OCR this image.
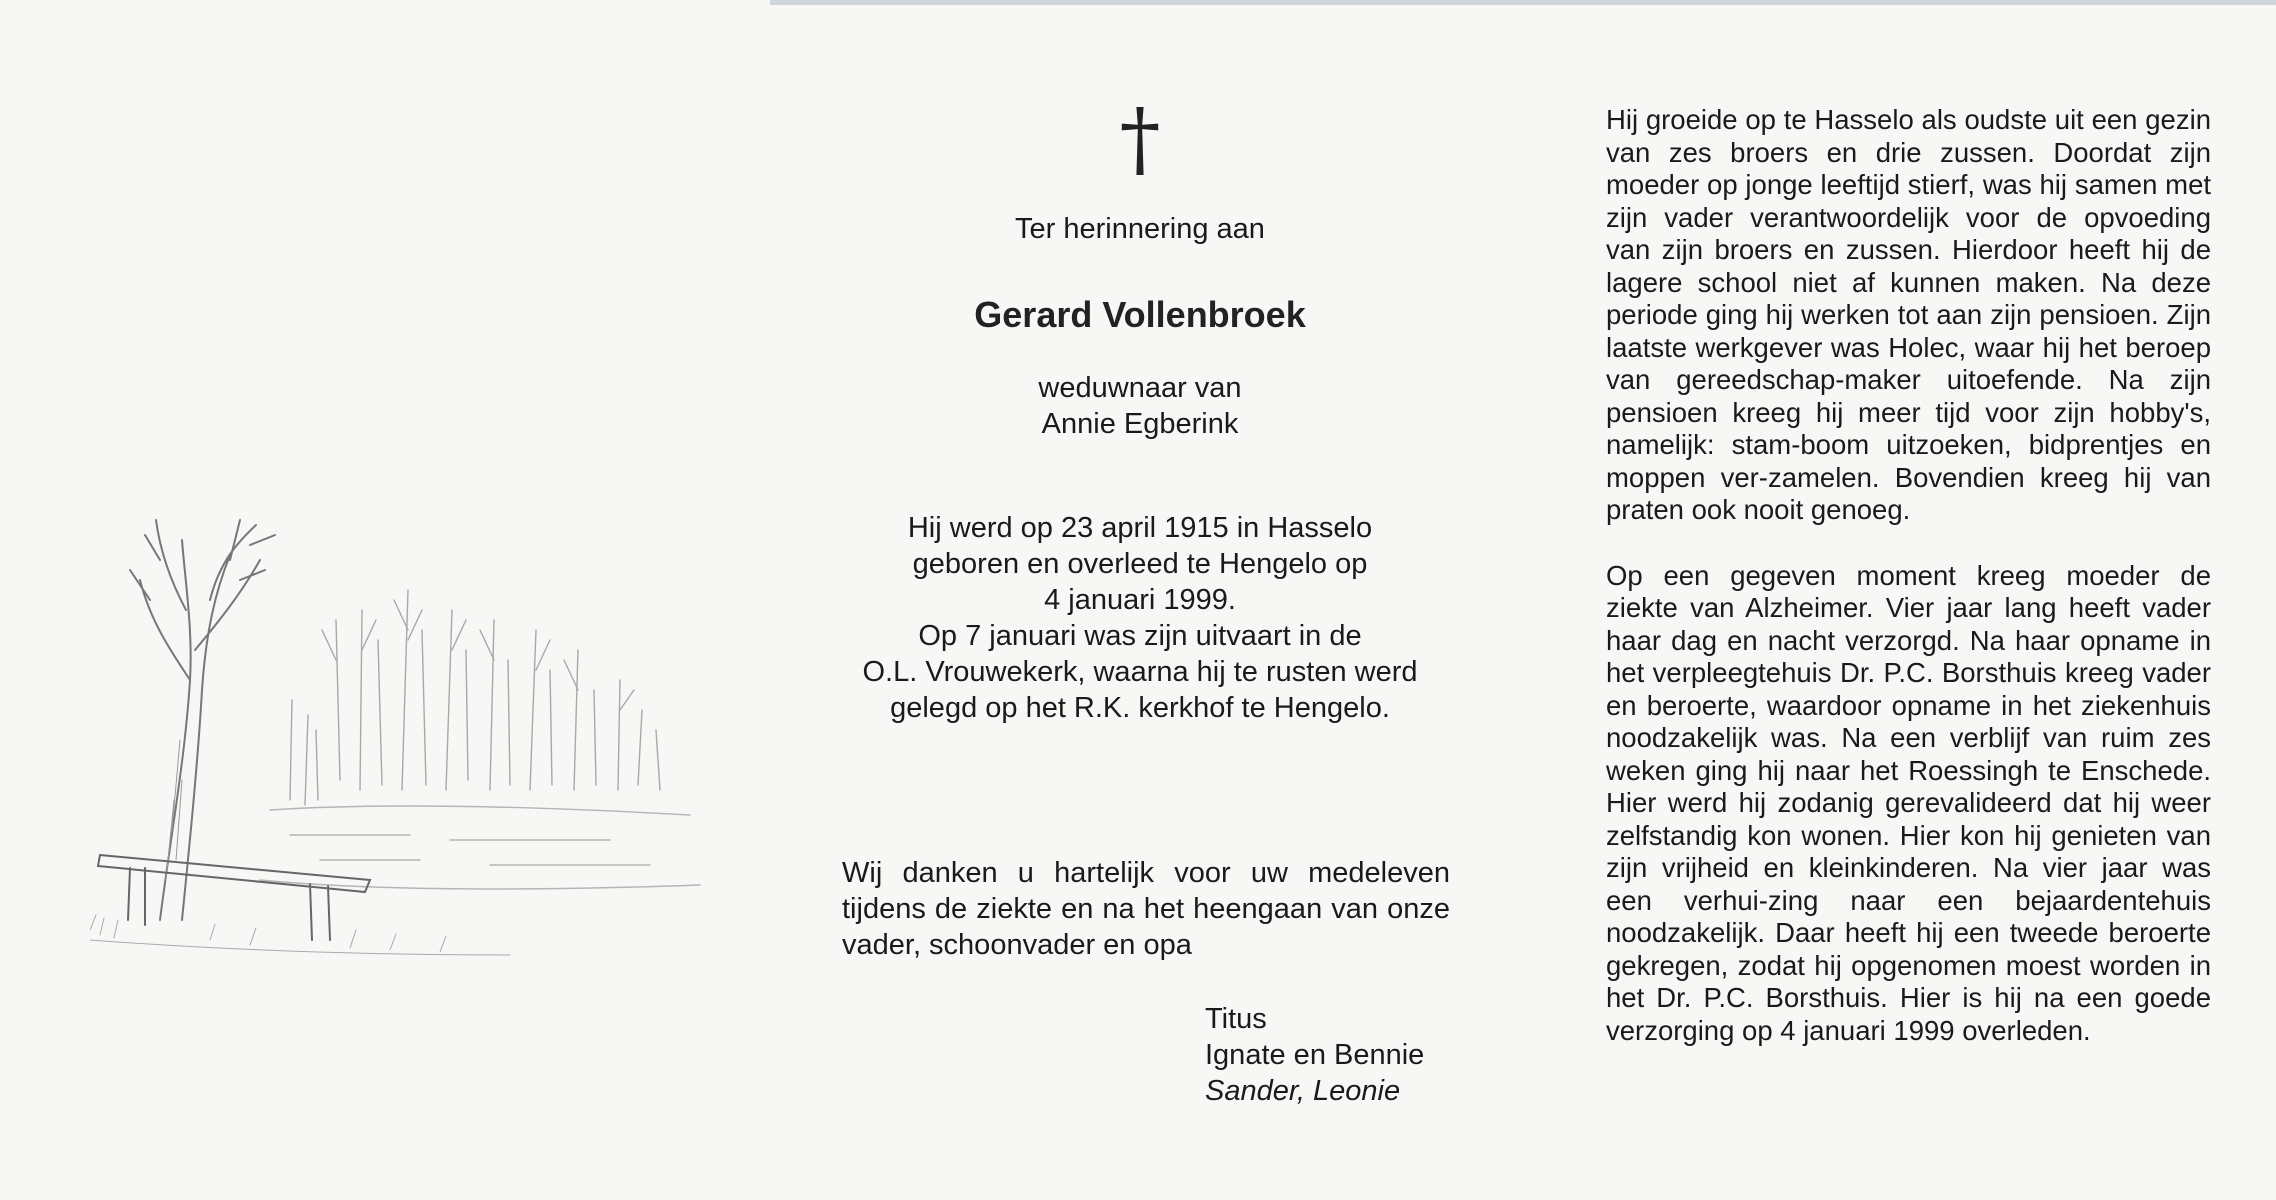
†
Ter herinnering aan
Gerard Vollenbroek
weduwnaar van
Annie Egberink
Hij werd op 23 april 1915 in Hasselo
geboren en overleed te Hengelo op
4 januari 1999.
Op 7 januari was zijn uitvaart in de
O.L. Vrouwekerk, waarna hij te rusten werd
gelegd op het R.K. kerkhof te Hengelo.

Wij danken u hartelijk voor uw medeleven tijdens de ziekte en na het heengaan van onze vader, schoonvader en opa

Titus
Ignate en Bennie
Sander, Leonie

Hij groeide op te Hasselo als oudste uit een gezin van zes broers en drie zussen. Doordat zijn moeder op jonge leeftijd stierf, was hij samen met zijn vader verantwoordelijk voor de opvoeding van zijn broers en zussen. Hierdoor heeft hij de lagere school niet af kunnen maken. Na deze periode ging hij werken tot aan zijn pensioen. Zijn laatste werkgever was Holec, waar hij het beroep van gereedschap-maker uitoefende. Na zijn pensioen kreeg hij meer tijd voor zijn hobby's, namelijk: stam-boom uitzoeken, bidprentjes en moppen ver-zamelen. Bovendien kreeg hij van praten ook nooit genoeg.

Op een gegeven moment kreeg moeder de ziekte van Alzheimer. Vier jaar lang heeft vader haar dag en nacht verzorgd. Na haar opname in het verpleegtehuis Dr. P.C. Borsthuis kreeg vader en beroerte, waardoor opname in het ziekenhuis noodzakelijk was. Na een verblijf van ruim zes weken ging hij naar het Roessingh te Enschede. Hier werd hij zodanig gerevalideerd dat hij weer zelfstandig kon wonen. Hier kon hij genieten van zijn vrijheid en kleinkinderen. Na vier jaar was een verhui-zing naar een bejaardentehuis noodzakelijk. Daar heeft hij een tweede beroerte gekregen, zodat hij opgenomen moest worden in het Dr. P.C. Borsthuis. Hier is hij na een goede verzorging op 4 januari 1999 overleden.
